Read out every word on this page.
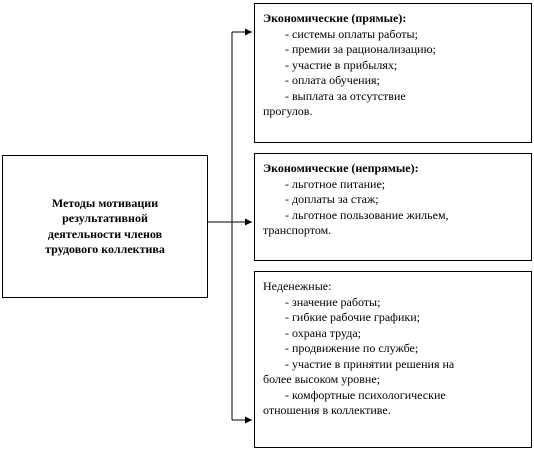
Методы мотивации
результативной
деятельности членов
трудового коллектива
Экономические (прямые):
- системы оплаты работы;
- премии за рационализацию;
- участие в прибылях;
- оплата обучения;
- выплата за отсутствие
прогулов.
Экономические (непрямые):
- льготное питание;
- доплаты за стаж;
- льготное пользование жильем,
транспортом.
Неденежные:
- значение работы;
- гибкие рабочие графики;
- охрана труда;
- продвижение по службе;
- участие в принятии решения на
более высоком уровне;
- комфортные психологические
отношения в коллективе.
